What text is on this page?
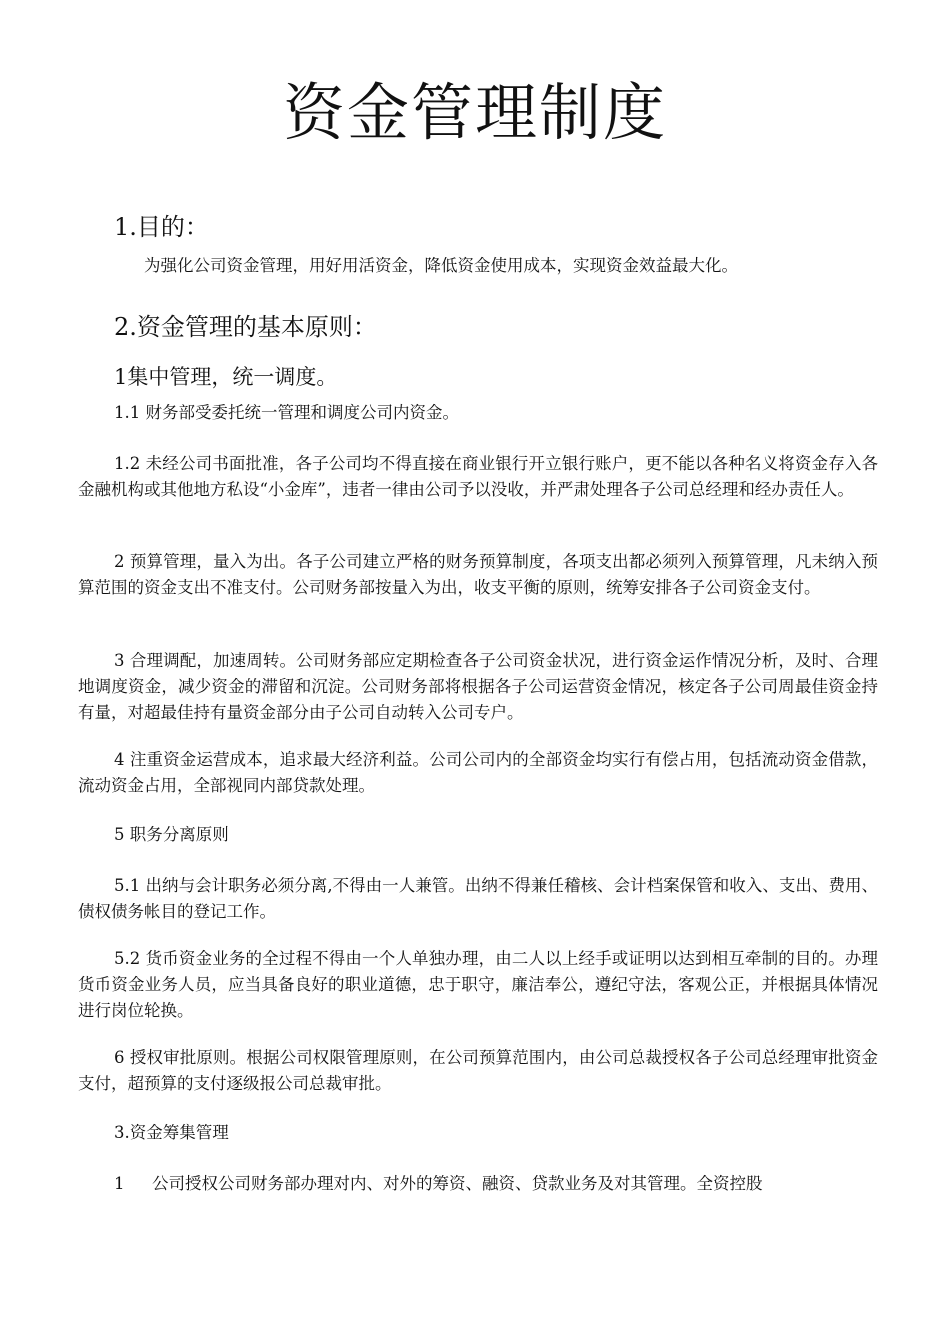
资金管理制度
1.目的：
为强化公司资金管理，用好用活资金，降低资金使用成本，实现资金效益最大化。
2.资金管理的基本原则：
1集中管理，统一调度。
1.1 财务部受委托统一管理和调度公司内资金。
1.2 未经公司书面批准，各子公司均不得直接在商业银行开立银行账户，更不能以各种名义将资金存入各金融机构或其他地方私设“小金库”，违者一律由公司予以没收，并严肃处理各子公司总经理和经办责任人。
2 预算管理，量入为出。各子公司建立严格的财务预算制度，各项支出都必须列入预算管理，凡未纳入预算范围的资金支出不准支付。公司财务部按量入为出，收支平衡的原则，统筹安排各子公司资金支付。
3 合理调配，加速周转。公司财务部应定期检查各子公司资金状况，进行资金运作情况分析，及时、合理地调度资金，减少资金的滞留和沉淀。公司财务部将根据各子公司运营资金情况，核定各子公司周最佳资金持有量，对超最佳持有量资金部分由子公司自动转入公司专户。
4 注重资金运营成本，追求最大经济利益。公司公司内的全部资金均实行有偿占用，包括流动资金借款，流动资金占用，全部视同内部贷款处理。
5 职务分离原则
5.1 出纳与会计职务必须分离,不得由一人兼管。出纳不得兼任稽核、会计档案保管和收入、支出、费用、债权债务帐目的登记工作。
5.2 货币资金业务的全过程不得由一个人单独办理，由二人以上经手或证明以达到相互牵制的目的。办理货币资金业务人员，应当具备良好的职业道德，忠于职守，廉洁奉公，遵纪守法，客观公正，并根据具体情况进行岗位轮换。
6 授权审批原则。根据公司权限管理原则，在公司预算范围内，由公司总裁授权各子公司总经理审批资金支付，超预算的支付逐级报公司总裁审批。
3.资金筹集管理
1 公司授权公司财务部办理对内、对外的筹资、融资、贷款业务及对其管理。全资控股
